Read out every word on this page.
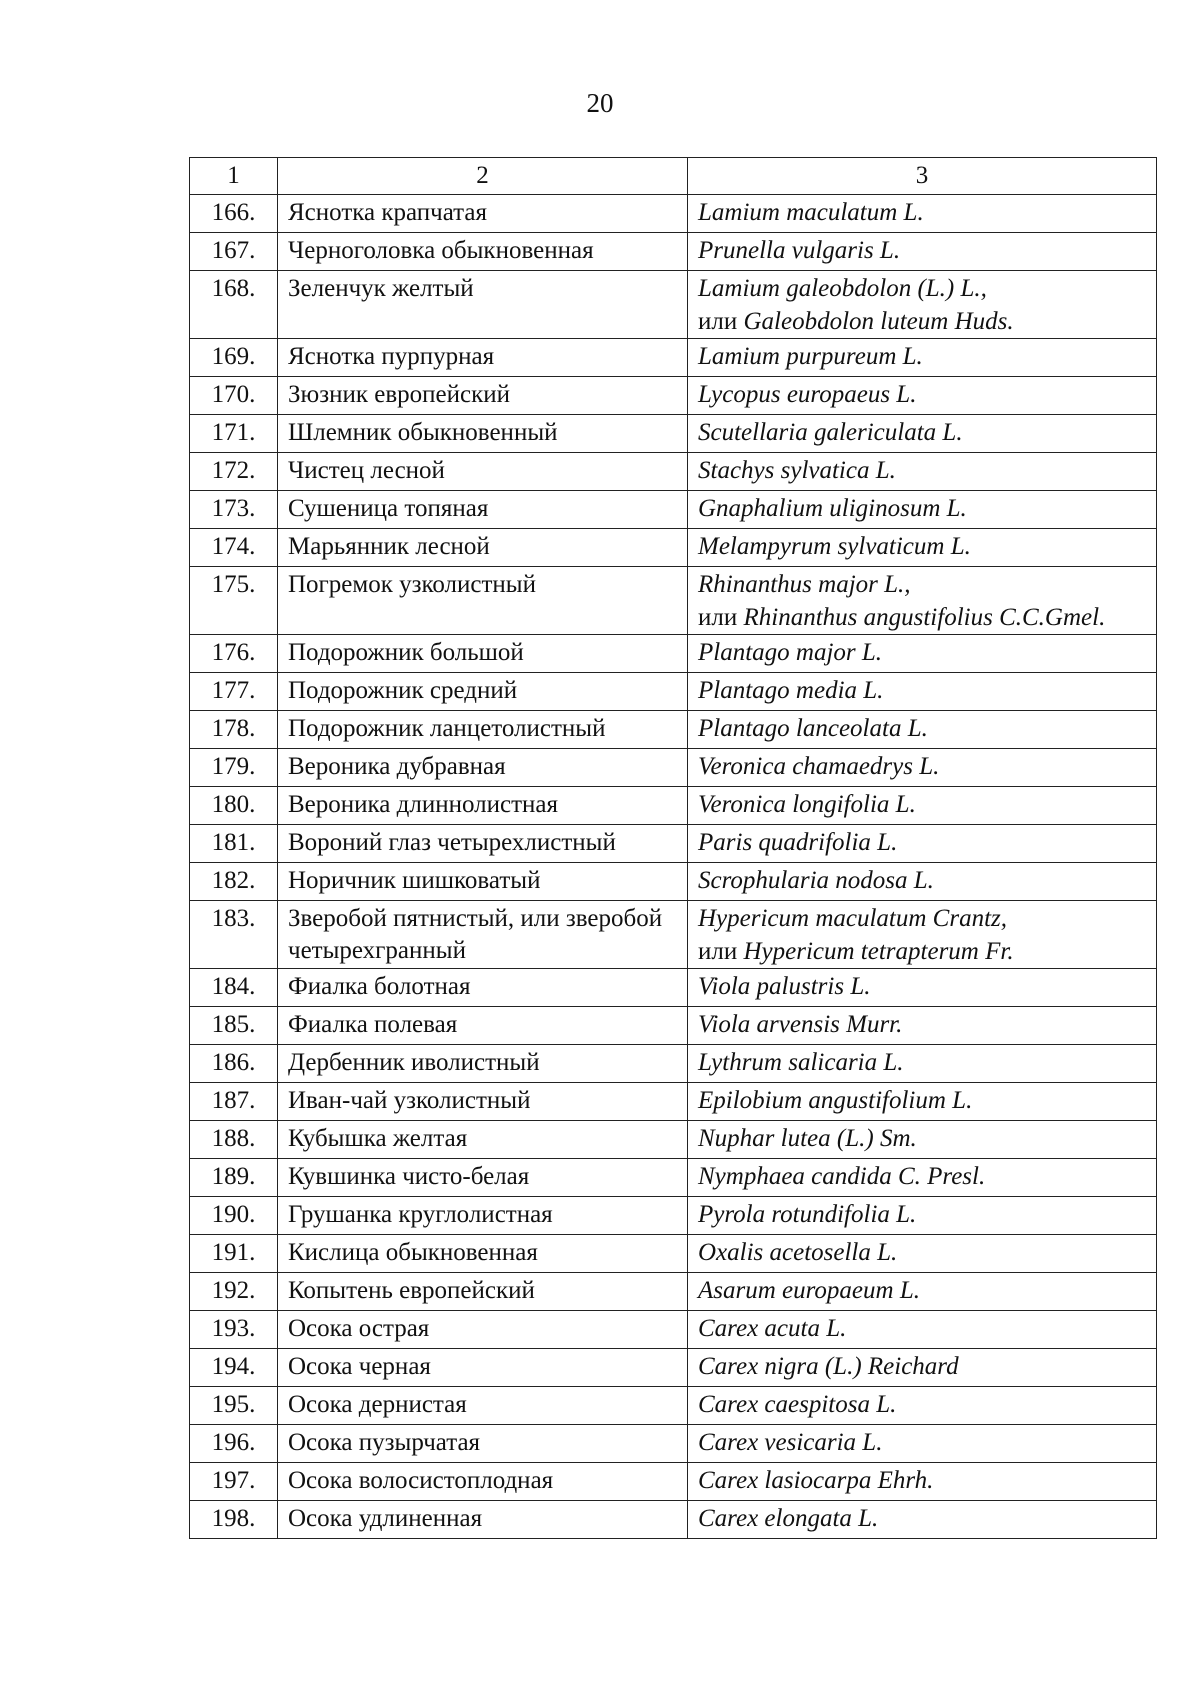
20
1	2	3
166.	Яснотка крапчатая	Lamium maculatum L.
167.	Черноголовка обыкновенная	Prunella vulgaris L.
168.	Зеленчук желтый	Lamium galeobdolon (L.) L.,
или Galeobdolon luteum Huds.
169.	Яснотка пурпурная	Lamium purpureum L.
170.	Зюзник европейский	Lycopus europaeus L.
171.	Шлемник обыкновенный	Scutellaria galericulata L.
172.	Чистец лесной	Stachys sylvatica L.
173.	Сушеница топяная	Gnaphalium uliginosum L.
174.	Марьянник лесной	Melampyrum sylvaticum L.
175.	Погремок узколистный	Rhinanthus major L.,
или Rhinanthus angustifolius C.C.Gmel.
176.	Подорожник большой	Plantago major L.
177.	Подорожник средний	Plantago media L.
178.	Подорожник ланцетолистный	Plantago lanceolata L.
179.	Вероника дубравная	Veronica chamaedrys L.
180.	Вероника длиннолистная	Veronica longifolia L.
181.	Вороний глаз четырехлистный	Paris quadrifolia L.
182.	Норичник шишковатый	Scrophularia nodosa L.
183.	Зверобой пятнистый, или зверобой четырехгранный	Hypericum maculatum Crantz,
или Hypericum tetrapterum Fr.
184.	Фиалка болотная	Viola palustris L.
185.	Фиалка полевая	Viola arvensis Murr.
186.	Дербенник иволистный	Lythrum salicaria L.
187.	Иван-чай узколистный	Epilobium angustifolium L.
188.	Кубышка желтая	Nuphar lutea (L.) Sm.
189.	Кувшинка чисто-белая	Nymphaea candida C. Presl.
190.	Грушанка круглолистная	Pyrola rotundifolia L.
191.	Кислица обыкновенная	Oxalis acetosella L.
192.	Копытень европейский	Asarum europaeum L.
193.	Осока острая	Carex acuta L.
194.	Осока черная	Carex nigra (L.) Reichard
195.	Осока дернистая	Carex caespitosa L.
196.	Осока пузырчатая	Carex vesicaria L.
197.	Осока волосистоплодная	Carex lasiocarpa Ehrh.
198.	Осока удлиненная	Carex elongata L.
